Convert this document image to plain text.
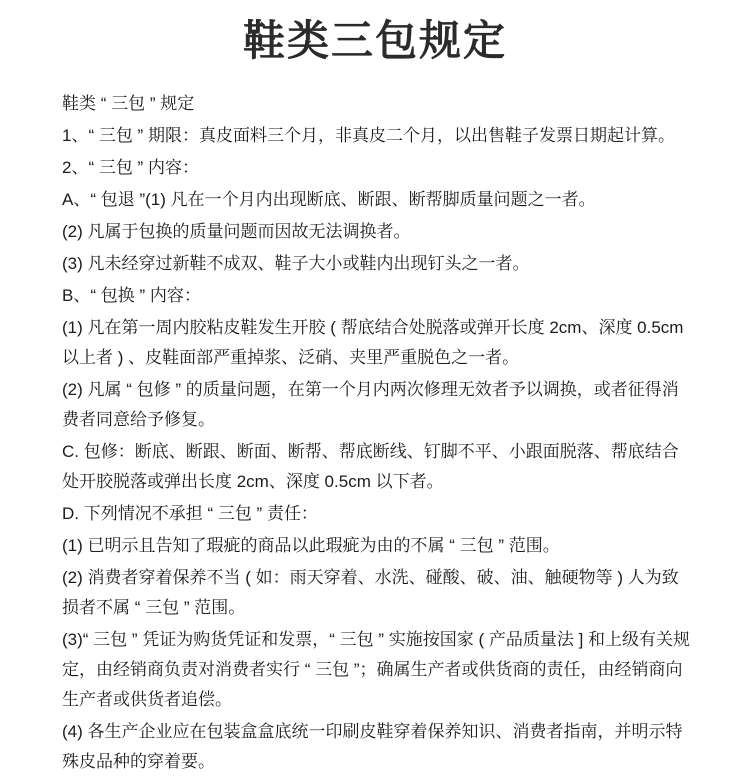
鞋类三包规定

鞋类 “ 三包 ” 规定

1、“ 三包 ” 期限：真皮面料三个月，非真皮二个月，以出售鞋子发票日期起计算。

2、“ 三包 ” 内容：

A、“ 包退 ”(1) 凡在一个月内出现断底、断跟、断帮脚质量问题之一者。

(2) 凡属于包换的质量问题而因故无法调换者。

(3) 凡未经穿过新鞋不成双、鞋子大小或鞋内出现钉头之一者。

B、“ 包换 ” 内容：

(1) 凡在第一周内胶粘皮鞋发生开胶 ( 帮底结合处脱落或弹开长度 2cm、深度 0.5cm 以上者 ) 、皮鞋面部严重掉浆、泛硝、夹里严重脱色之一者。

(2) 凡属 “ 包修 ” 的质量问题，在第一个月内两次修理无效者予以调换，或者征得消费者同意给予修复。

C. 包修：断底、断跟、断面、断帮、帮底断线、钉脚不平、小跟面脱落、帮底结合处开胶脱落或弹出长度 2cm、深度 0.5cm 以下者。

D. 下列情况不承担 “ 三包 ” 责任：

(1) 已明示且告知了瑕疵的商品以此瑕疵为由的不属 “ 三包 ” 范围。

(2) 消费者穿着保养不当 ( 如：雨天穿着、水洗、碰酸、破、油、触硬物等 ) 人为致损者不属 “ 三包 ” 范围。

(3)“ 三包 ” 凭证为购货凭证和发票，“ 三包 ” 实施按国家 ( 产品质量法 ] 和上级有关规定，由经销商负责对消费者实行 “ 三包 ”；确属生产者或供货商的责任，由经销商向生产者或供货者追偿。

(4) 各生产企业应在包装盒盒底统一印刷皮鞋穿着保养知识、消费者指南，并明示特殊皮品种的穿着要。
